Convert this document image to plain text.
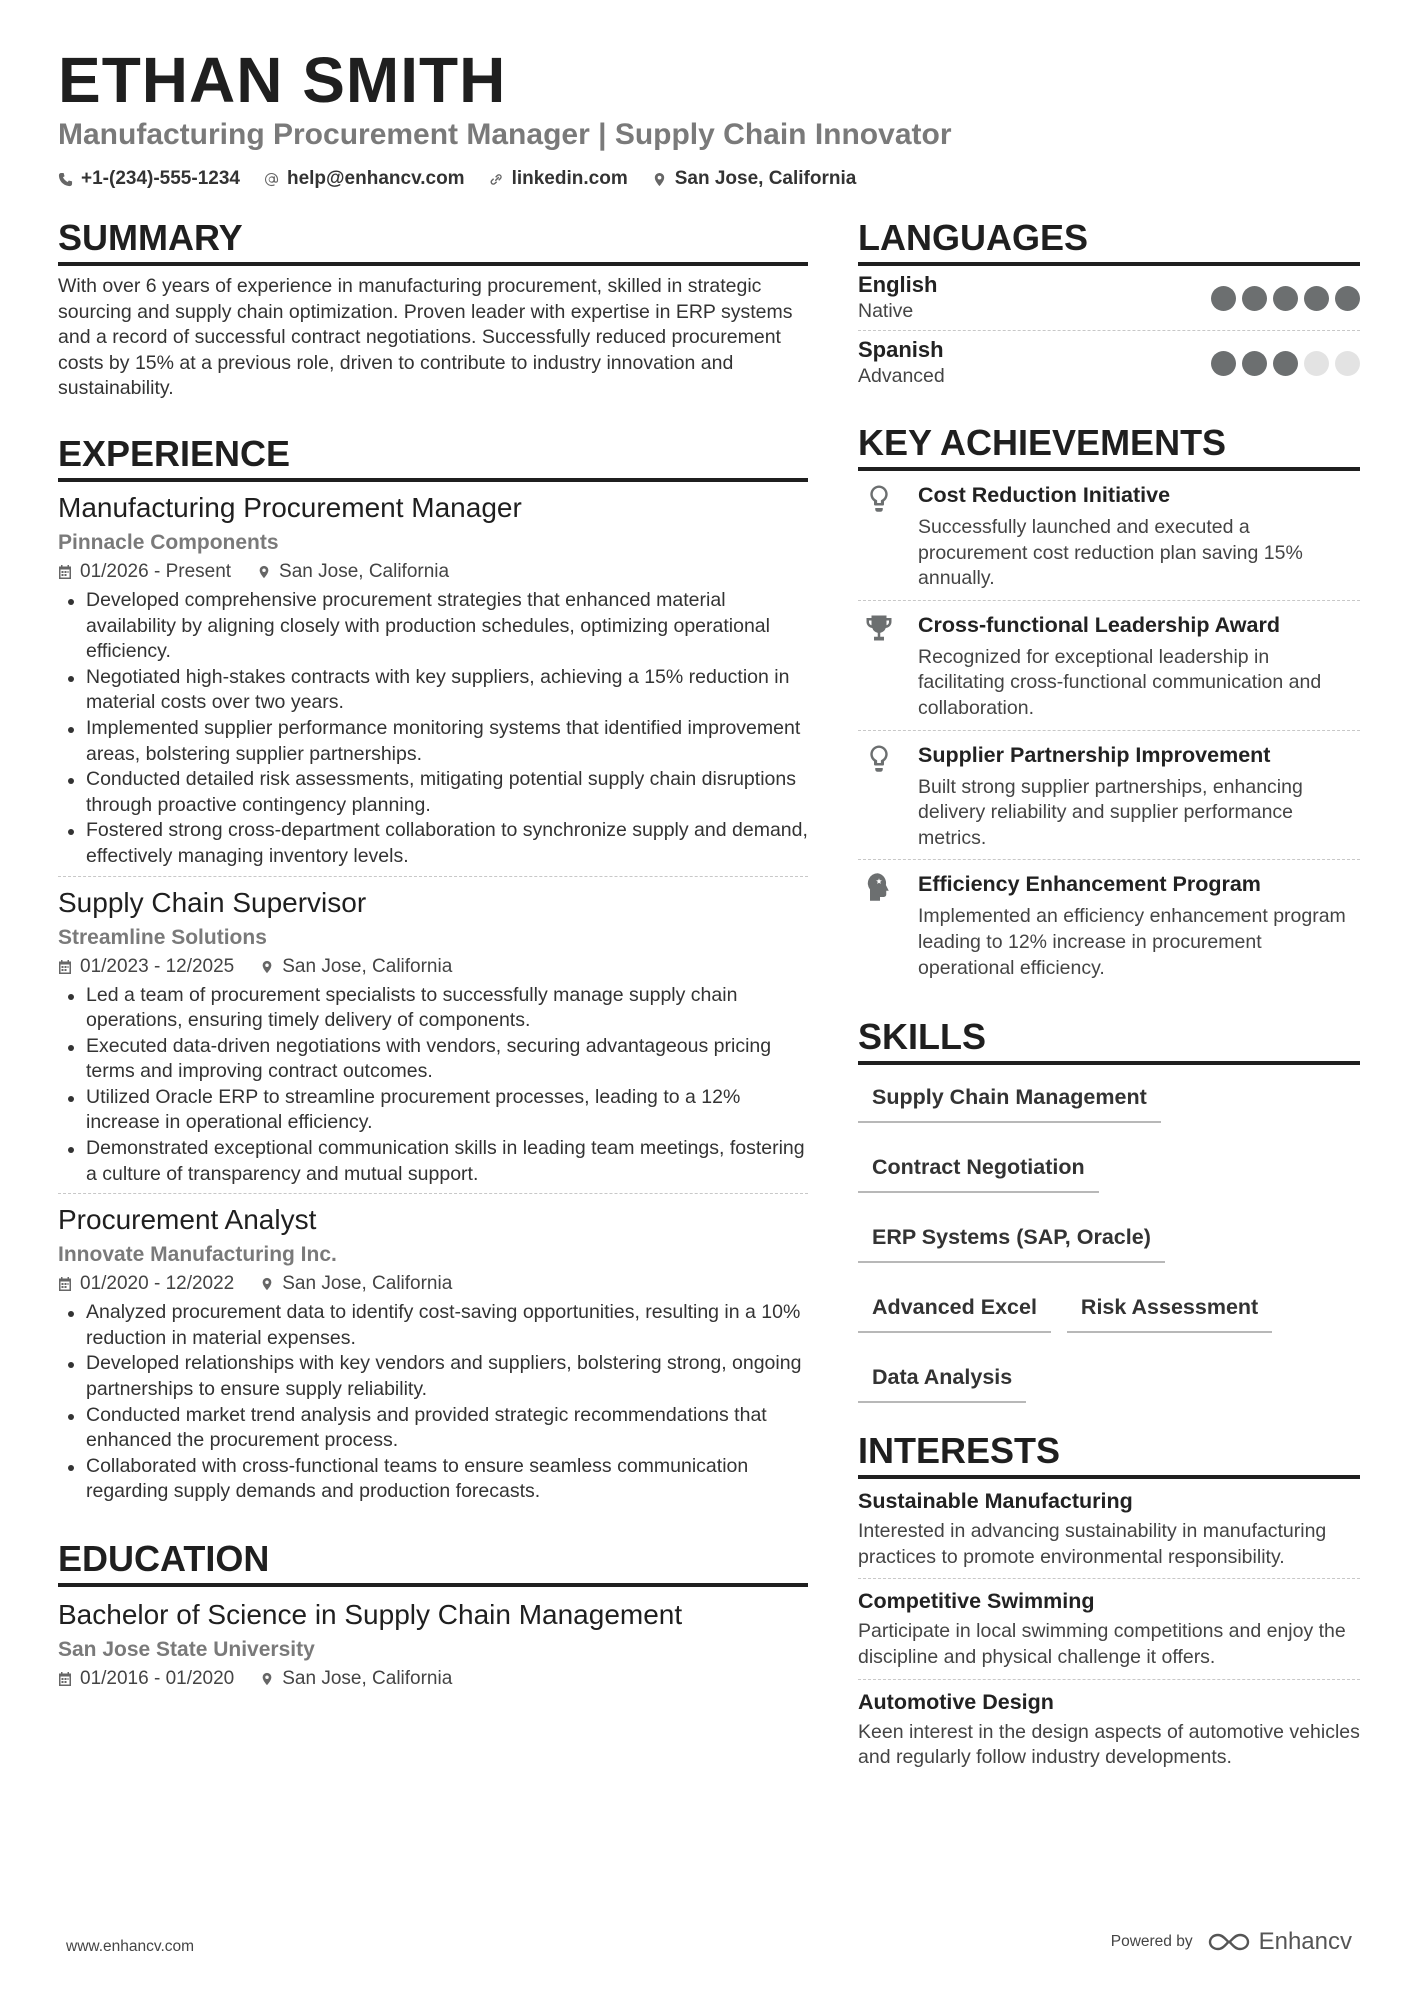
ETHAN SMITH
Manufacturing Procurement Manager | Supply Chain Innovator
+1-(234)-555-1234 help@enhancv.com linkedin.com San Jose, California
SUMMARY

With over 6 years of experience in manufacturing procurement, skilled in strategic sourcing and supply chain optimization. Proven leader with expertise in ERP systems and a record of successful contract negotiations. Successfully reduced procurement costs by 15% at a previous role, driven to contribute to industry innovation and sustainability.

EXPERIENCE
Manufacturing Procurement Manager
Pinnacle Components
01/2026 - Present	San Jose, California
Developed comprehensive procurement strategies that enhanced material availability by aligning closely with production schedules, optimizing operational efficiency.
Negotiated high-stakes contracts with key suppliers, achieving a 15% reduction in material costs over two years.
Implemented supplier performance monitoring systems that identified improvement areas, bolstering supplier partnerships.
Conducted detailed risk assessments, mitigating potential supply chain disruptions through proactive contingency planning.
Fostered strong cross-department collaboration to synchronize supply and demand, effectively managing inventory levels.
Supply Chain Supervisor
Streamline Solutions
01/2023 - 12/2025	San Jose, California
Led a team of procurement specialists to successfully manage supply chain operations, ensuring timely delivery of components.
Executed data-driven negotiations with vendors, securing advantageous pricing terms and improving contract outcomes.
Utilized Oracle ERP to streamline procurement processes, leading to a 12% increase in operational efficiency.
Demonstrated exceptional communication skills in leading team meetings, fostering a culture of transparency and mutual support.
Procurement Analyst
Innovate Manufacturing Inc.
01/2020 - 12/2022	San Jose, California
Analyzed procurement data to identify cost-saving opportunities, resulting in a 10% reduction in material expenses.
Developed relationships with key vendors and suppliers, bolstering strong, ongoing partnerships to ensure supply reliability.
Conducted market trend analysis and provided strategic recommendations that enhanced the procurement process.
Collaborated with cross-functional teams to ensure seamless communication regarding supply demands and production forecasts.
EDUCATION
Bachelor of Science in Supply Chain Management
San Jose State University
01/2016 - 01/2020	San Jose, California
LANGUAGES
English
Native
Spanish
Advanced
KEY ACHIEVEMENTS
Cost Reduction Initiative
Successfully launched and executed a procurement cost reduction plan saving 15% annually.
Cross-functional Leadership Award
Recognized for exceptional leadership in facilitating cross-functional communication and collaboration.
Supplier Partnership Improvement
Built strong supplier partnerships, enhancing delivery reliability and supplier performance metrics.
Efficiency Enhancement Program
Implemented an efficiency enhancement program leading to 12% increase in procurement operational efficiency.
SKILLS
Supply Chain Management
Contract Negotiation
ERP Systems (SAP, Oracle)
Advanced Excel	Risk Assessment
Data Analysis
INTERESTS
Sustainable Manufacturing
Interested in advancing sustainability in manufacturing practices to promote environmental responsibility.
Competitive Swimming
Participate in local swimming competitions and enjoy the discipline and physical challenge it offers.
Automotive Design
Keen interest in the design aspects of automotive vehicles and regularly follow industry developments.
www.enhancv.com	Powered by	Enhancv
